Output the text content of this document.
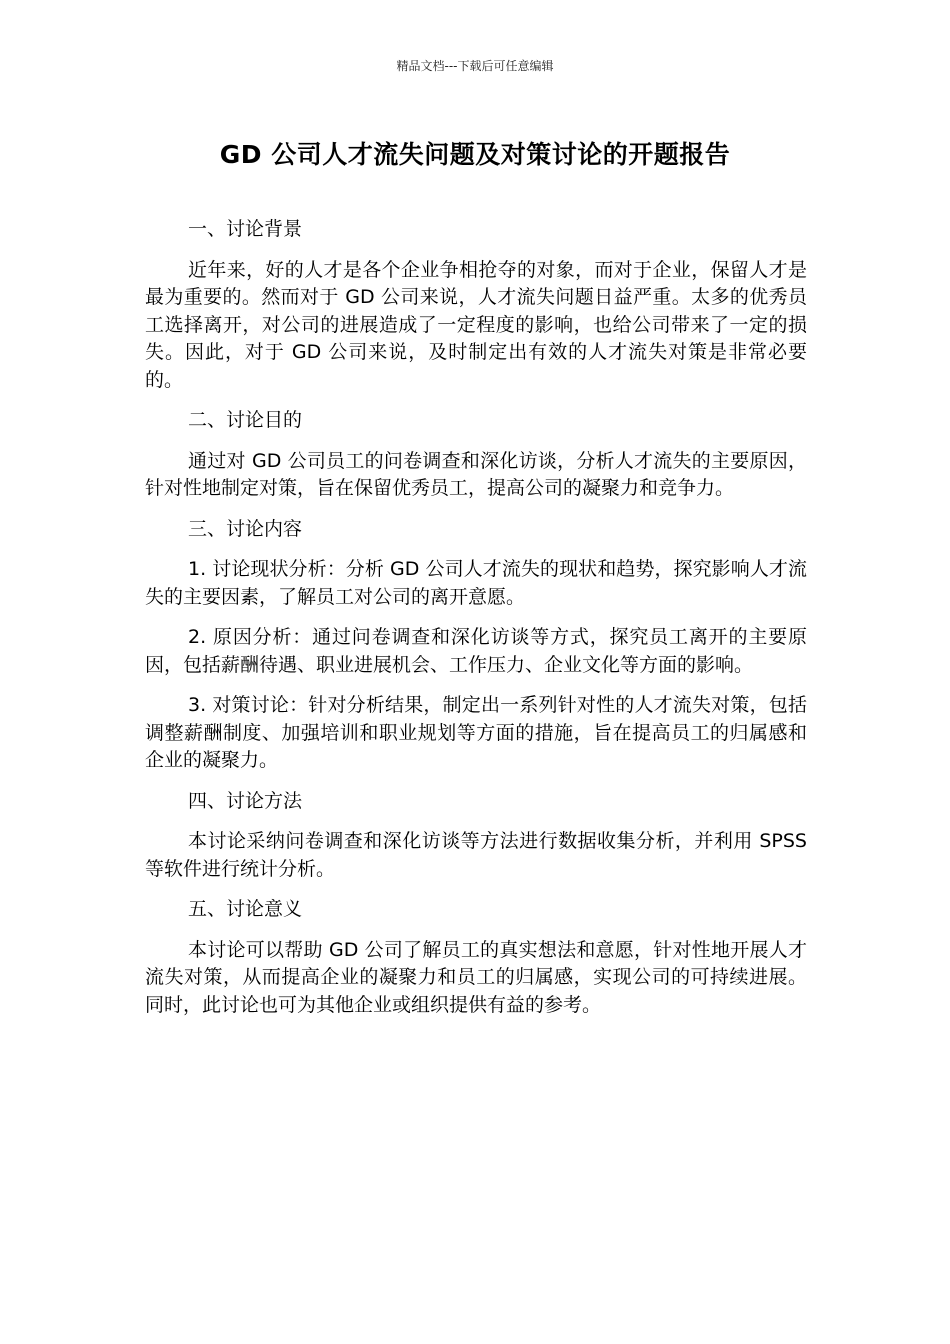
精品文档---下载后可任意编辑
GD 公司人才流失问题及对策讨论的开题报告

一、讨论背景

近年来，好的人才是各个企业争相抢夺的对象，而对于企业，保留人才是最为重要的。然而对于 GD 公司来说，人才流失问题日益严重。太多的优秀员工选择离开，对公司的进展造成了一定程度的影响，也给公司带来了一定的损失。因此，对于 GD 公司来说，及时制定出有效的人才流失对策是非常必要的。

二、讨论目的

通过对 GD 公司员工的问卷调查和深化访谈，分析人才流失的主要原因，针对性地制定对策，旨在保留优秀员工，提高公司的凝聚力和竞争力。

三、讨论内容

1. 讨论现状分析：分析 GD 公司人才流失的现状和趋势，探究影响人才流失的主要因素，了解员工对公司的离开意愿。

2. 原因分析：通过问卷调查和深化访谈等方式，探究员工离开的主要原因，包括薪酬待遇、职业进展机会、工作压力、企业文化等方面的影响。

3. 对策讨论：针对分析结果，制定出一系列针对性的人才流失对策，包括调整薪酬制度、加强培训和职业规划等方面的措施，旨在提高员工的归属感和企业的凝聚力。

四、讨论方法

本讨论采纳问卷调查和深化访谈等方法进行数据收集分析，并利用 SPSS 等软件进行统计分析。

五、讨论意义

本讨论可以帮助 GD 公司了解员工的真实想法和意愿，针对性地开展人才流失对策，从而提高企业的凝聚力和员工的归属感，实现公司的可持续进展。同时，此讨论也可为其他企业或组织提供有益的参考。
